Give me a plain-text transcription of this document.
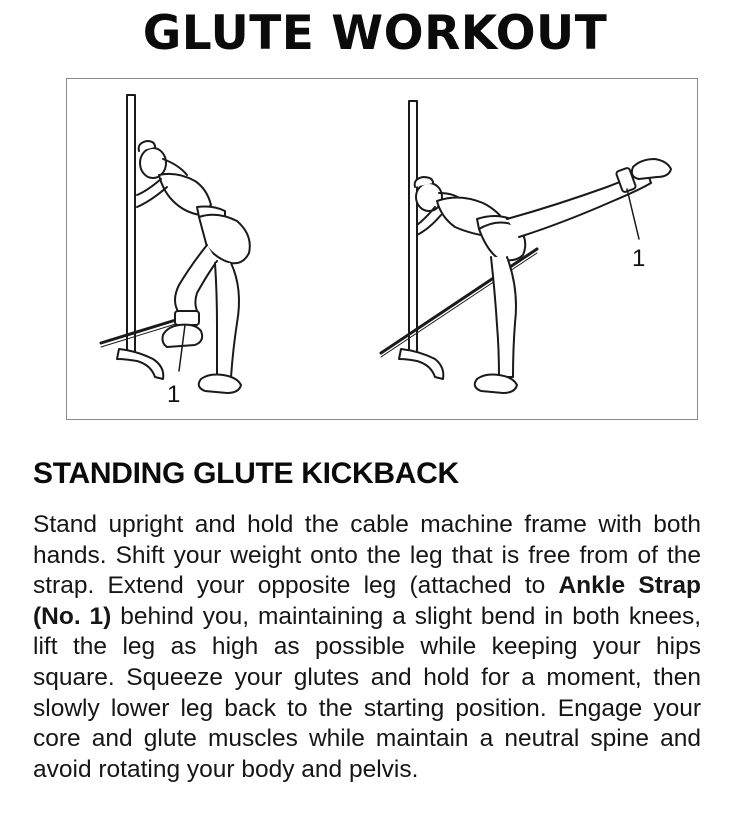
GLUTE WORKOUT
1
1
STANDING GLUTE KICKBACK

Stand upright and hold the cable machine frame with both hands. Shift your weight onto the leg that is free from of the strap. Extend your opposite leg (attached to Ankle Strap (No. 1) behind you, maintaining a slight bend in both knees, lift the leg as high as possible while keeping your hips square. Squeeze your glutes and hold for a moment, then slowly lower leg back to the starting position. Engage your core and glute muscles while maintain a neutral spine and avoid rotating your body and pelvis.
